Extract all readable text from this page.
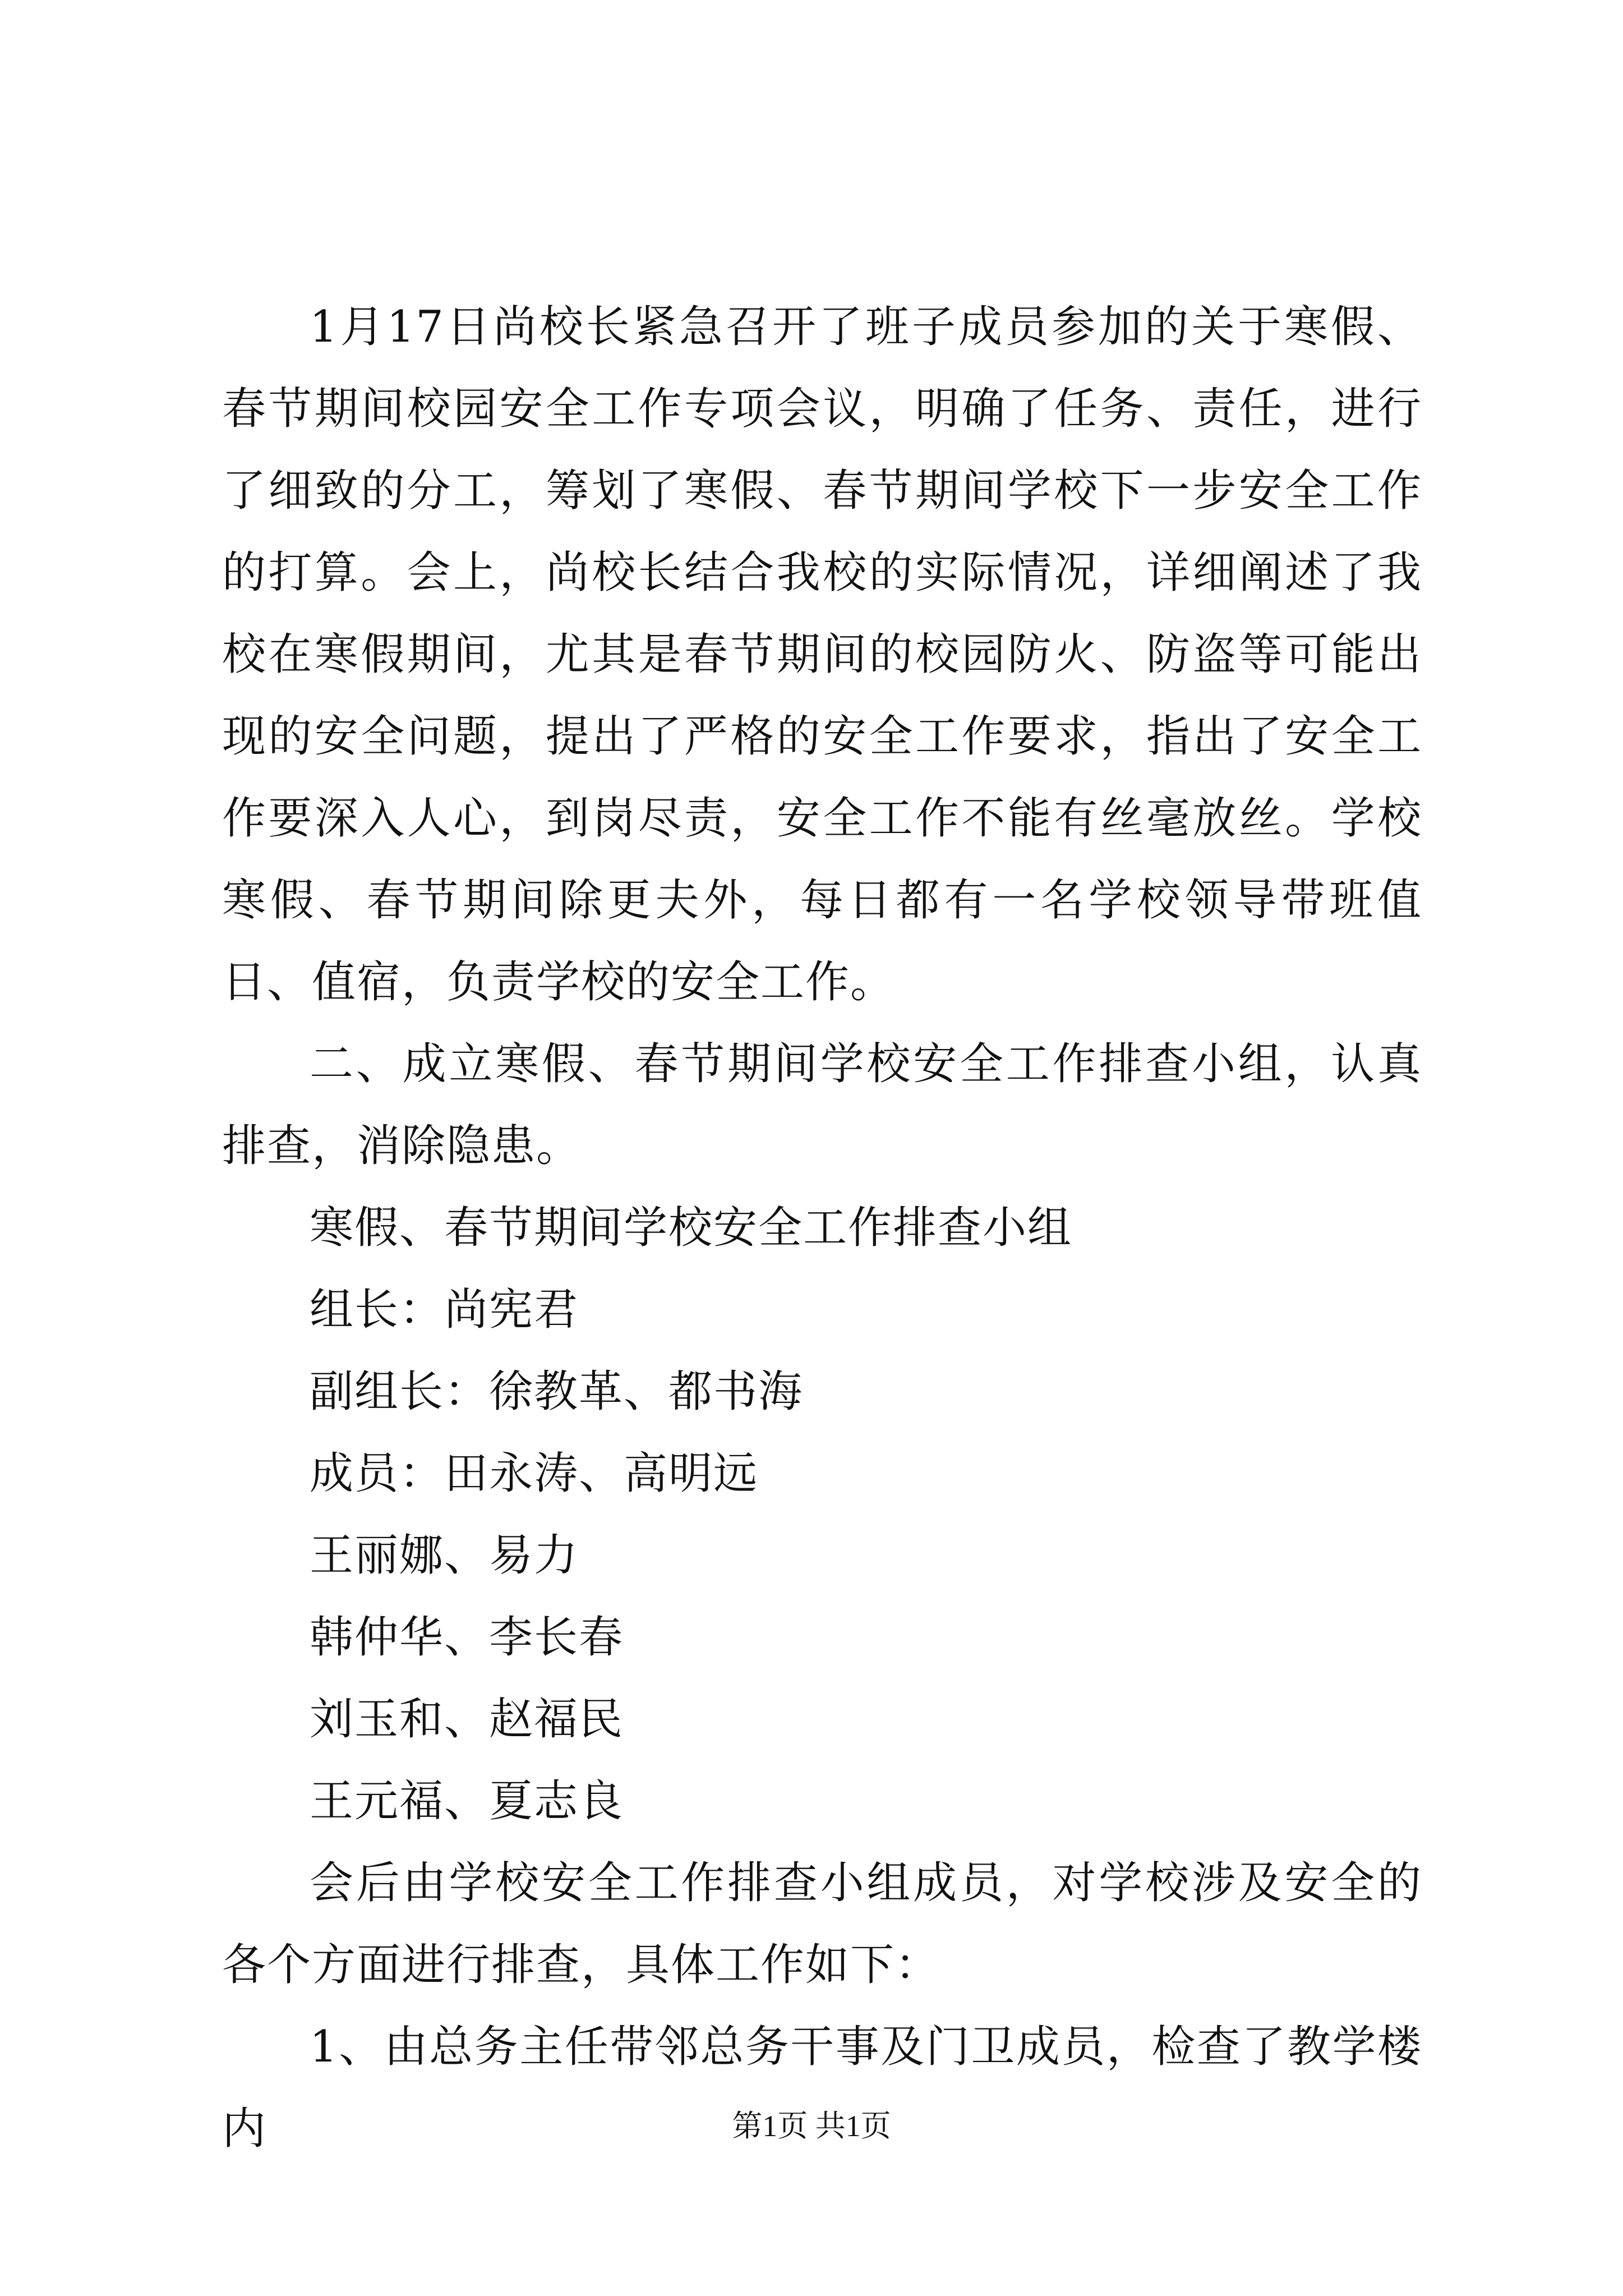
1月17日尚校长紧急召开了班子成员参加的关于寒假、春节期间校园安全工作专项会议，明确了任务、责任，进行了细致的分工，筹划了寒假、春节期间学校下一步安全工作的打算。会上，尚校长结合我校的实际情况，详细阐述了我校在寒假期间，尤其是春节期间的校园防火、防盗等可能出现的安全问题，提出了严格的安全工作要求，指出了安全工作要深入人心，到岗尽责，安全工作不能有丝毫放丝。学校寒假、春节期间除更夫外，每日都有一名学校领导带班值日、值宿，负责学校的安全工作。

二、成立寒假、春节期间学校安全工作排查小组，认真排查，消除隐患。

寒假、春节期间学校安全工作排查小组

组长：尚宪君

副组长：徐教革、都书海

成员：田永涛、高明远

王丽娜、易力

韩仲华、李长春

刘玉和、赵福民

王元福、夏志良

会后由学校安全工作排查小组成员，对学校涉及安全的各个方面进行排查，具体工作如下：

1、由总务主任带邻总务干事及门卫成员，检查了教学楼内	第1页 共1页
